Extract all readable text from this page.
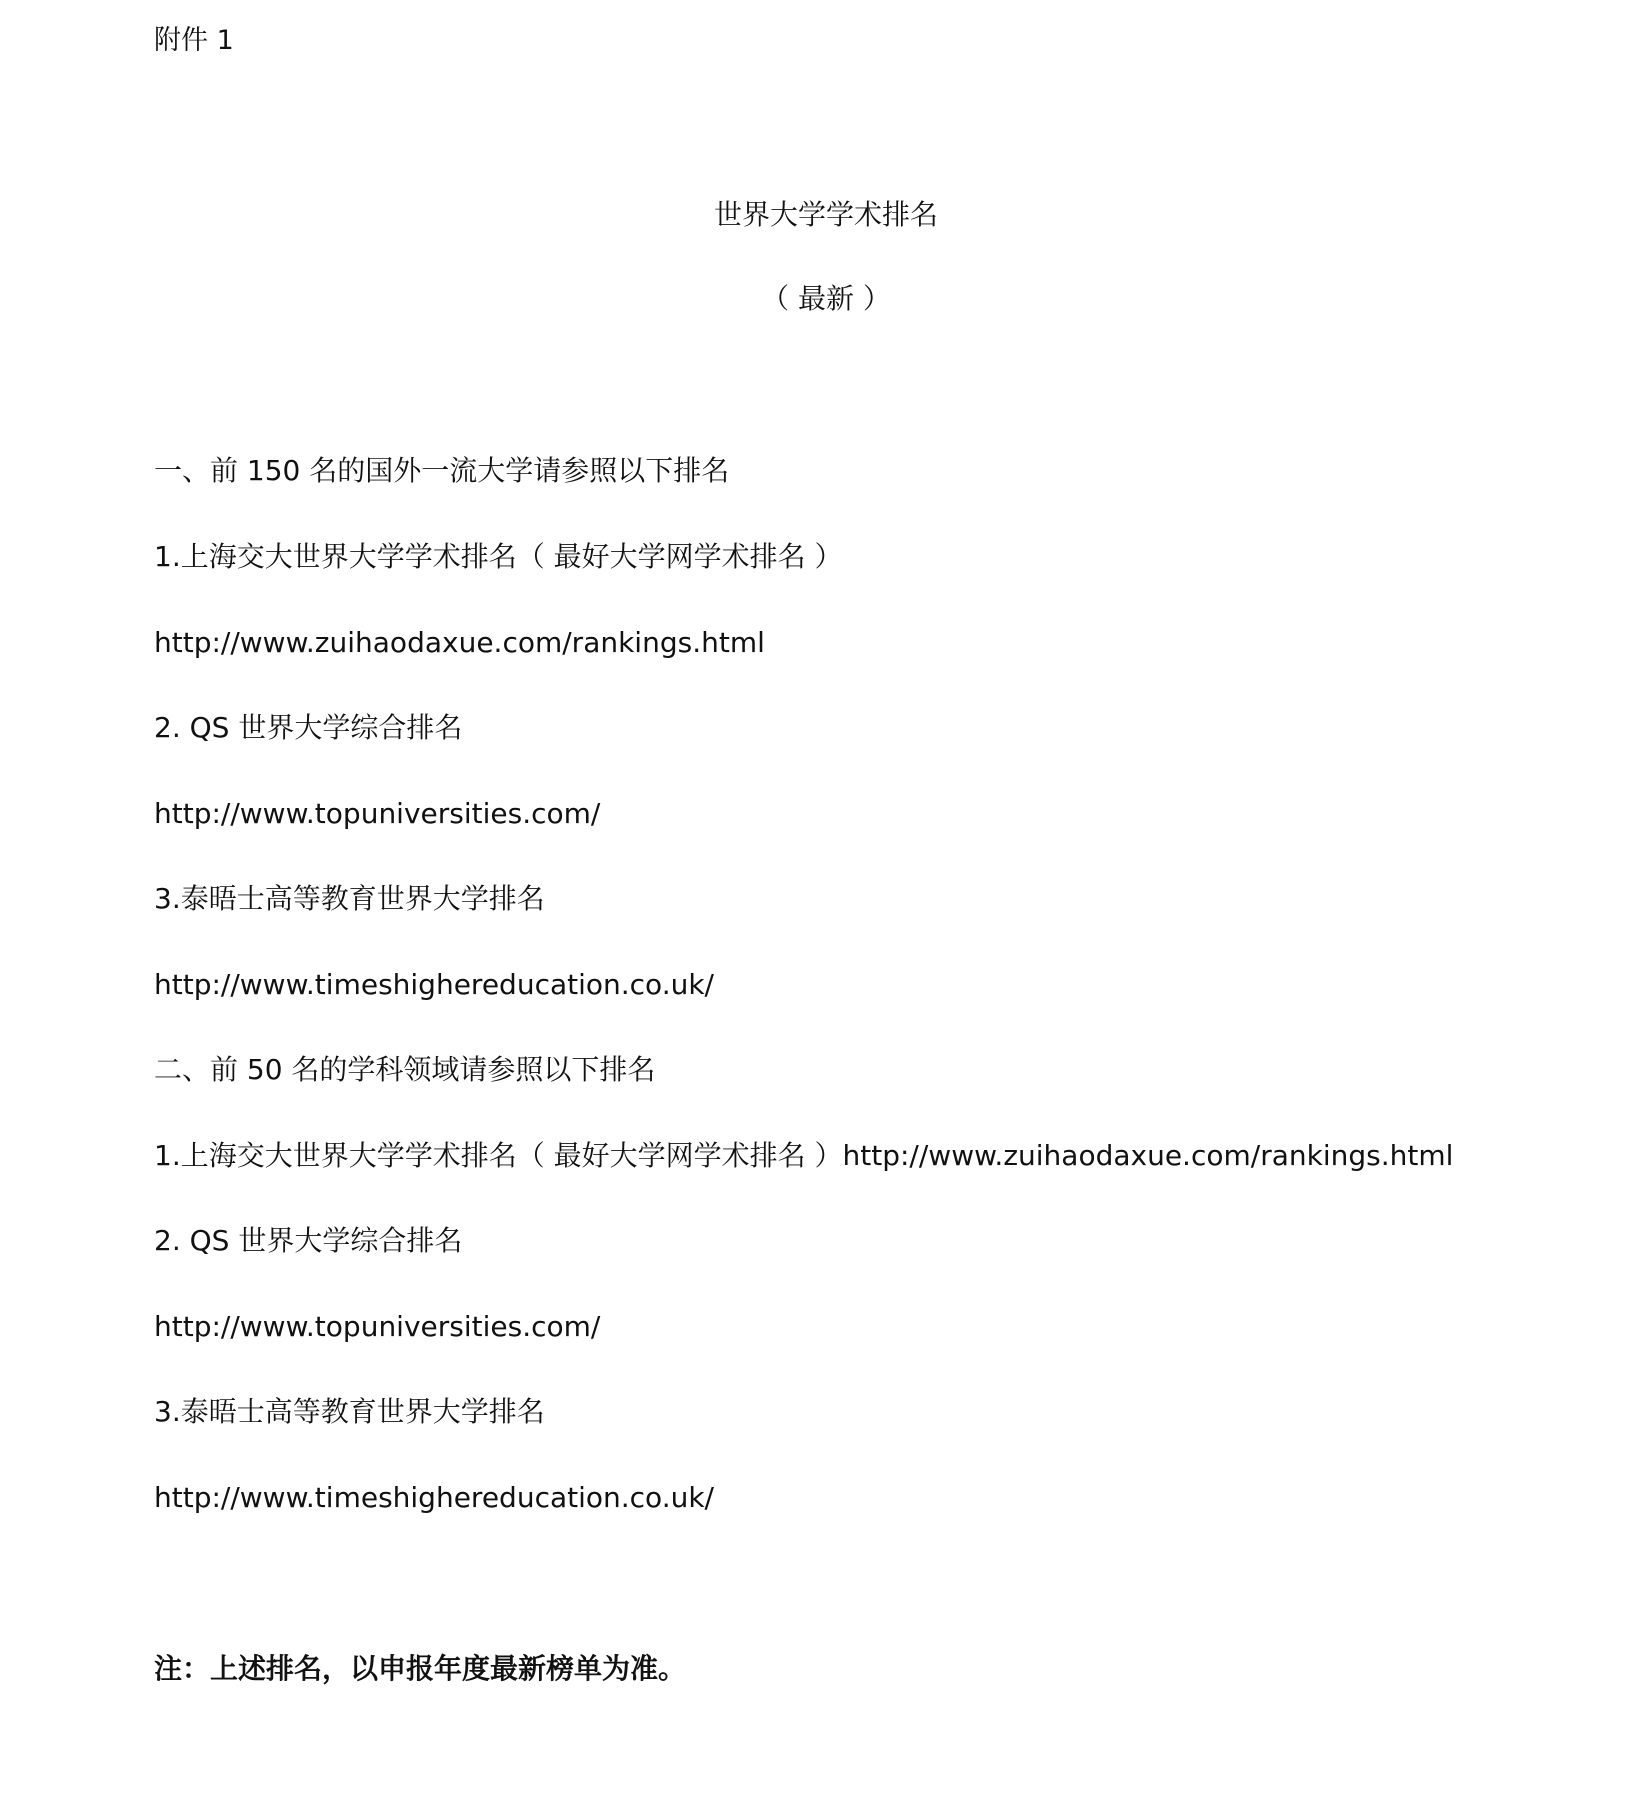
附件 1
世界大学学术排名
（ 最新 ）
一、前 150 名的国外一流大学请参照以下排名
1.上海交大世界大学学术排名（ 最好大学网学术排名 ）
http://www.zuihaodaxue.com/rankings.html
2. QS 世界大学综合排名
http://www.topuniversities.com/
3.泰晤士高等教育世界大学排名
http://www.timeshighereducation.co.uk/
二、前 50 名的学科领域请参照以下排名
1.上海交大世界大学学术排名（ 最好大学网学术排名 ）http://www.zuihaodaxue.com/rankings.html
2. QS 世界大学综合排名
http://www.topuniversities.com/
3.泰晤士高等教育世界大学排名
http://www.timeshighereducation.co.uk/
注：上述排名，以申报年度最新榜单为准。
